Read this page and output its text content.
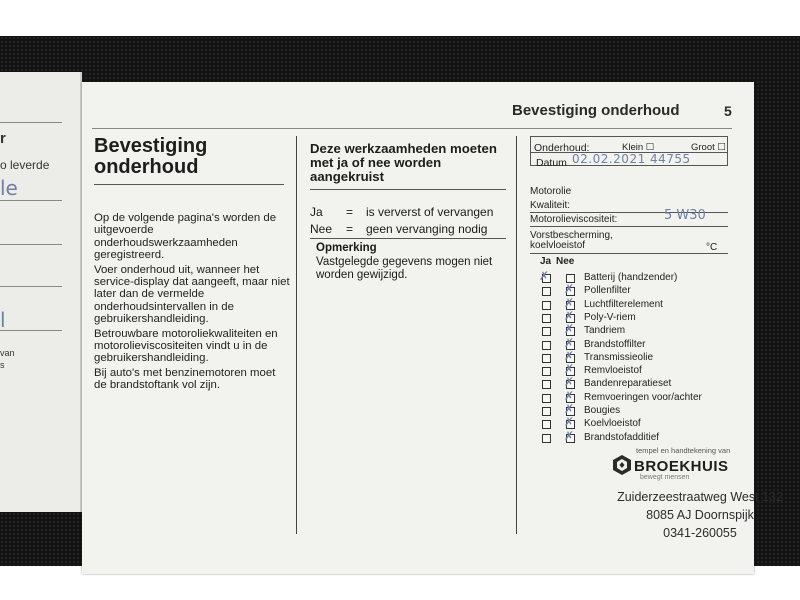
r
o leverde
le
l
van
s
Bevestiging onderhoud	5
Bevestiging
onderhoud

Op de volgende pagina's worden de uitgevoerde onderhoudswerkzaamheden geregistreerd.

Voer onderhoud uit, wanneer het service-display dat aangeeft, maar niet later dan de vermelde onderhoudsintervallen in de gebruikershandleiding.

Betrouwbare motoroliekwaliteiten en motorolieviscositeiten vindt u in de gebruikershandleiding.

Bij auto's met benzinemotoren moet de brandstoftank vol zijn.

Deze werkzaamheden moeten met ja of nee worden aangekruist
Ja = is ververst of vervangen
Nee = geen vervanging nodig
Opmerking
Vastgelegde gegevens mogen niet worden gewijzigd.
Onderhoud:	Klein ☐	Groot ☐
Datum 02.02.2021 44755
Motorolie
Kwaliteit:
Motorolieviscositeit:	5 W30
Vorstbescherming,
koelvloeistof	°C
Ja Nee
✗	Batterij (handzender)
✗ Pollenfilter
✗ Luchtfilterelement
✗ Poly-V-riem
✗ Tandriem
✗ Brandstoffilter
✗ Transmissieolie
✗ Remvloeistof
✗ Bandenreparatieset
✗ Remvoeringen voor/achter
✗ Bougies
✗ Koelvloeistof
✗ Brandstofadditief
tempel en handtekening van
BROEKHUIS
bewegt mensen
Zuiderzeestraatweg West 132
8085 AJ Doornspijk
0341-260055
